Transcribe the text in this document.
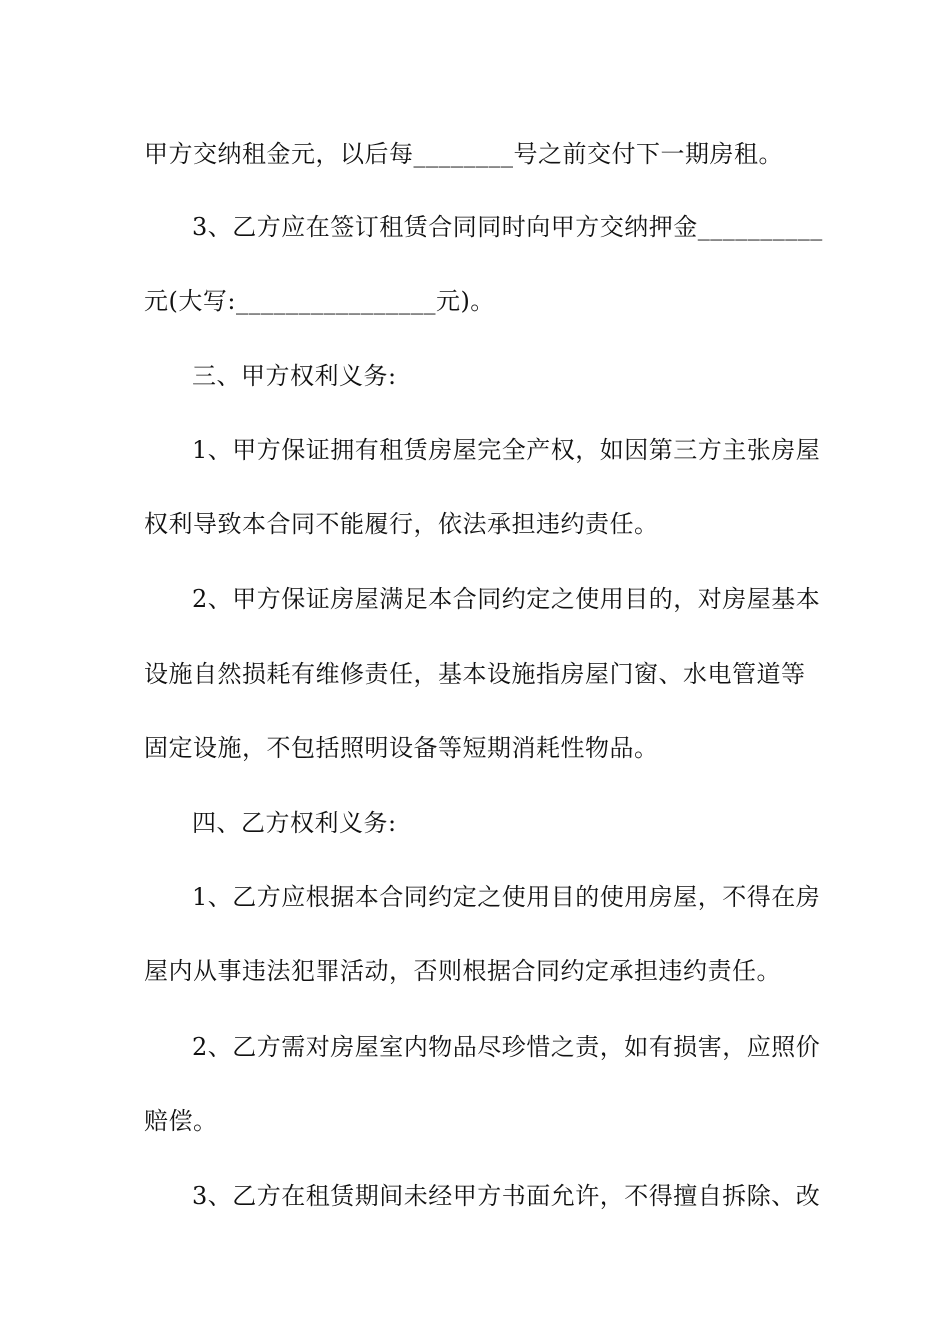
甲方交纳租金元，以后每________号之前交付下一期房租。
3、乙方应在签订租赁合同同时向甲方交纳押金__________
元(大写:________________元)。
三、甲方权利义务:
1、甲方保证拥有租赁房屋完全产权，如因第三方主张房屋
权利导致本合同不能履行，依法承担违约责任。
2、甲方保证房屋满足本合同约定之使用目的，对房屋基本
设施自然损耗有维修责任，基本设施指房屋门窗、水电管道等
固定设施，不包括照明设备等短期消耗性物品。
四、乙方权利义务:
1、乙方应根据本合同约定之使用目的使用房屋，不得在房
屋内从事违法犯罪活动，否则根据合同约定承担违约责任。
2、乙方需对房屋室内物品尽珍惜之责，如有损害，应照价
赔偿。
3、乙方在租赁期间未经甲方书面允许，不得擅自拆除、改
